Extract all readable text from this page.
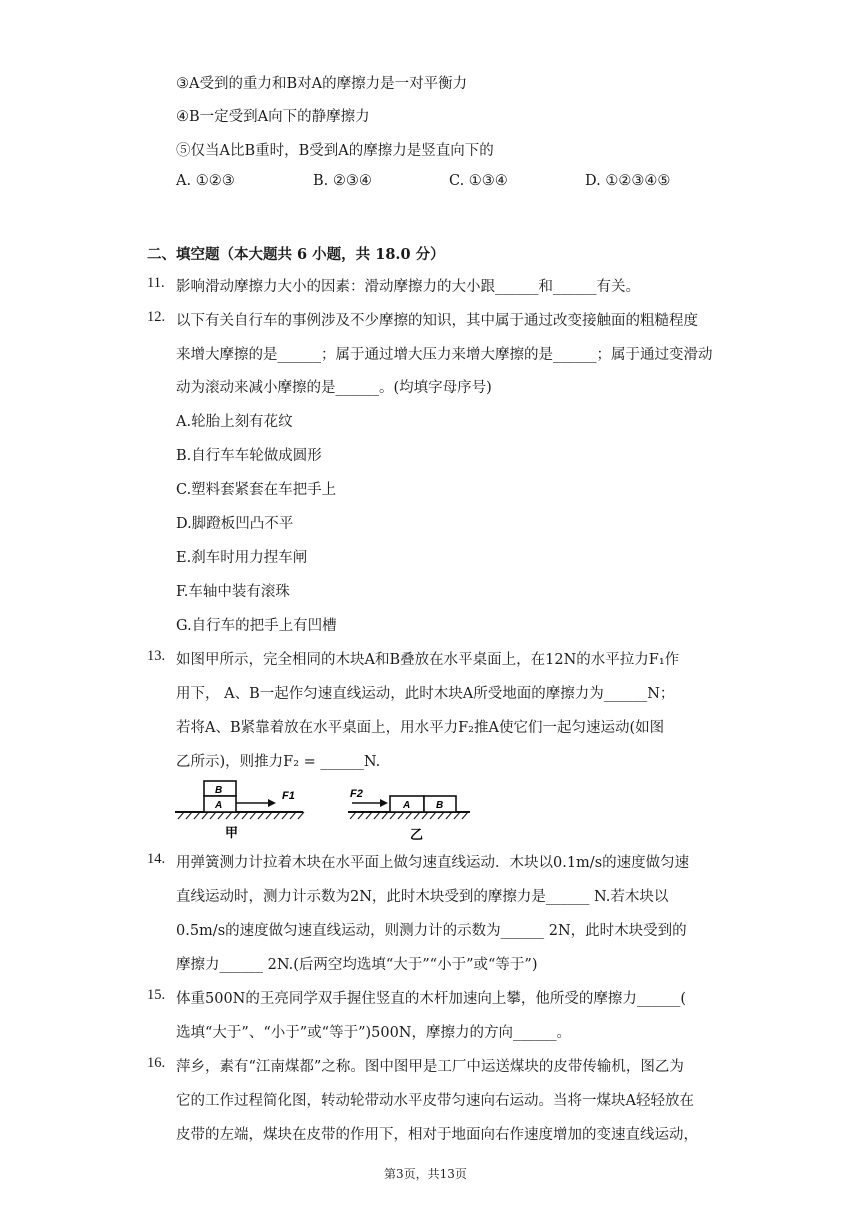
③A受到的重力和B对A的摩擦力是一对平衡力
④B一定受到A向下的静摩擦力
⑤仅当A比B重时，B受到A的摩擦力是竖直向下的
A. ①②③	B. ②③④	C. ①③④	D. ①②③④⑤
二、填空题（本大题共 6 小题，共 18.0 分）
11. 影响滑动摩擦力大小的因素：滑动摩擦力的大小跟______和______有关。
12. 以下有关自行车的事例涉及不少摩擦的知识，其中属于通过改变接触面的粗糙程度
来增大摩擦的是______；属于通过增大压力来增大摩擦的是______；属于通过变滑动
动为滚动来减小摩擦的是______。(均填字母序号)
A.轮胎上刻有花纹
B.自行车车轮做成圆形
C.塑料套紧套在车把手上
D.脚蹬板凹凸不平
E.刹车时用力捏车闸
F.车轴中装有滚珠
G.自行车的把手上有凹槽
13. 如图甲所示，完全相同的木块A和B叠放在水平桌面上，在12N的水平拉力F₁作
用下， A、B一起作匀速直线运动，此时木块A所受地面的摩擦力为______N；
若将A、B紧靠着放在水平桌面上，用水平力F₂推A使它们一起匀速运动(如图
乙所示)，则推力F₂ = ______N.
B
A
F1
甲
F2
A	B
乙
14. 用弹簧测力计拉着木块在水平面上做匀速直线运动．木块以0.1m/s的速度做匀速
直线运动时，测力计示数为2N，此时木块受到的摩擦力是______ N.若木块以
0.5m/s的速度做匀速直线运动，则测力计的示数为______ 2N，此时木块受到的
摩擦力______ 2N.(后两空均选填“大于”“小于”或“等于”)
15. 体重500N的王亮同学双手握住竖直的木杆加速向上攀，他所受的摩擦力______(
选填“大于”、“小于”或“等于”)500N，摩擦力的方向______。
16. 萍乡，素有“江南煤都”之称。图中图甲是工厂中运送煤块的皮带传输机，图乙为
它的工作过程简化图，转动轮带动水平皮带匀速向右运动。当将一煤块A轻轻放在
皮带的左端，煤块在皮带的作用下，相对于地面向右作速度增加的变速直线运动，
第3页，共13页
